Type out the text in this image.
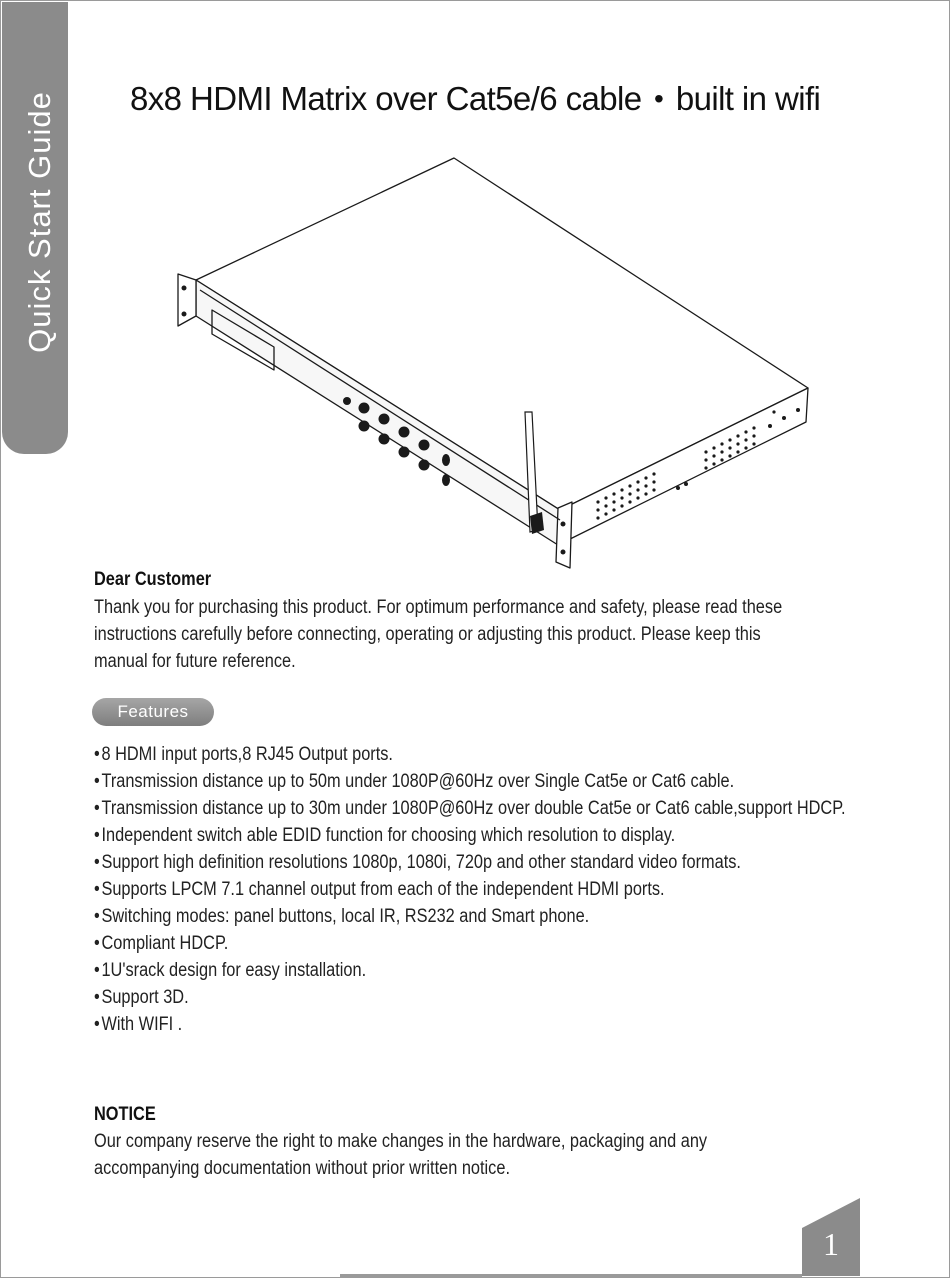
Quick Start Guide 8x8 HDMI Matrix over Cat5e/6 cable • built in wifi
Dear Customer
Thank you for purchasing this product. For optimum performance and safety, please read these
instructions carefully before connecting, operating or adjusting this product. Please keep this
manual for future reference.
Features
•8 HDMI input ports,8 RJ45 Output ports.
•Transmission distance up to 50m under 1080P@60Hz over Single Cat5e or Cat6 cable.
•Transmission distance up to 30m under 1080P@60Hz over double Cat5e or Cat6 cable,support HDCP.
•Independent switch able EDID function for choosing which resolution to display.
•Support high definition resolutions 1080p, 1080i, 720p and other standard video formats.
•Supports LPCM 7.1 channel output from each of the independent HDMI ports.
•Switching modes: panel buttons, local IR, RS232 and Smart phone.
•Compliant HDCP.
•1U'srack design for easy installation.
•Support 3D.
•With WIFI .
NOTICE
Our company reserve the right to make changes in the hardware, packaging and any
accompanying documentation without prior written notice.
1
